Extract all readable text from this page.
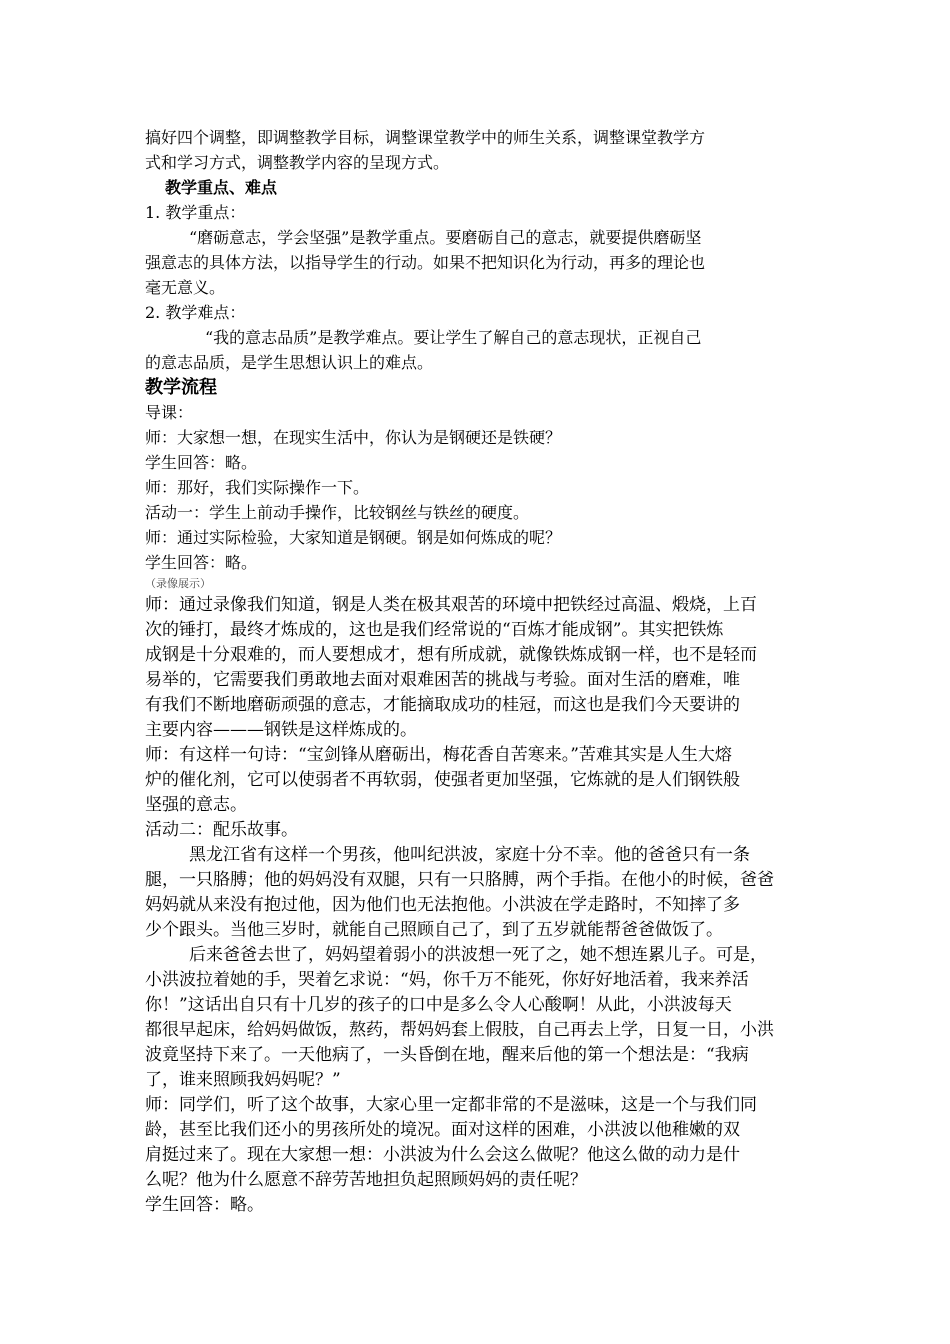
搞好四个调整，即调整教学目标，调整课堂教学中的师生关系，调整课堂教学方

式和学习方式，调整教学内容的呈现方式。

教学重点、难点

1. 教学重点：

“磨砺意志，学会坚强”是教学重点。要磨砺自己的意志，就要提供磨砺坚

强意志的具体方法，以指导学生的行动。如果不把知识化为行动，再多的理论也

毫无意义。

2. 教学难点：

“我的意志品质”是教学难点。要让学生了解自己的意志现状，正视自己

的意志品质，是学生思想认识上的难点。

教学流程

导课：

师：大家想一想，在现实生活中，你认为是钢硬还是铁硬？

学生回答：略。

师：那好，我们实际操作一下。

活动一：学生上前动手操作，比较钢丝与铁丝的硬度。

师：通过实际检验，大家知道是钢硬。钢是如何炼成的呢？

学生回答：略。

（录像展示）

师：通过录像我们知道，钢是人类在极其艰苦的环境中把铁经过高温、煅烧，上百

次的锤打，最终才炼成的，这也是我们经常说的“百炼才能成钢”。其实把铁炼

成钢是十分艰难的，而人要想成才，想有所成就，就像铁炼成钢一样，也不是轻而

易举的，它需要我们勇敢地去面对艰难困苦的挑战与考验。面对生活的磨难，唯

有我们不断地磨砺顽强的意志，才能摘取成功的桂冠，而这也是我们今天要讲的

主要内容———钢铁是这样炼成的。

师：有这样一句诗：“宝剑锋从磨砺出，梅花香自苦寒来。”苦难其实是人生大熔

炉的催化剂，它可以使弱者不再软弱，使强者更加坚强，它炼就的是人们钢铁般

坚强的意志。

活动二：配乐故事。

黑龙江省有这样一个男孩，他叫纪洪波，家庭十分不幸。他的爸爸只有一条

腿，一只胳膊；他的妈妈没有双腿，只有一只胳膊，两个手指。在他小的时候，爸爸

妈妈就从来没有抱过他，因为他们也无法抱他。小洪波在学走路时，不知摔了多

少个跟头。当他三岁时，就能自己照顾自己了，到了五岁就能帮爸爸做饭了。

后来爸爸去世了，妈妈望着弱小的洪波想一死了之，她不想连累儿子。可是，

小洪波拉着她的手，哭着乞求说：“妈，你千万不能死，你好好地活着，我来养活

你！”这话出自只有十几岁的孩子的口中是多么令人心酸啊！从此，小洪波每天

都很早起床，给妈妈做饭，熬药，帮妈妈套上假肢，自己再去上学，日复一日，小洪

波竟坚持下来了。一天他病了，一头昏倒在地，醒来后他的第一个想法是：“我病

了，谁来照顾我妈妈呢？”

师：同学们，听了这个故事，大家心里一定都非常的不是滋味，这是一个与我们同

龄，甚至比我们还小的男孩所处的境况。面对这样的困难，小洪波以他稚嫩的双

肩挺过来了。现在大家想一想：小洪波为什么会这么做呢？他这么做的动力是什

么呢？他为什么愿意不辞劳苦地担负起照顾妈妈的责任呢？

学生回答：略。
